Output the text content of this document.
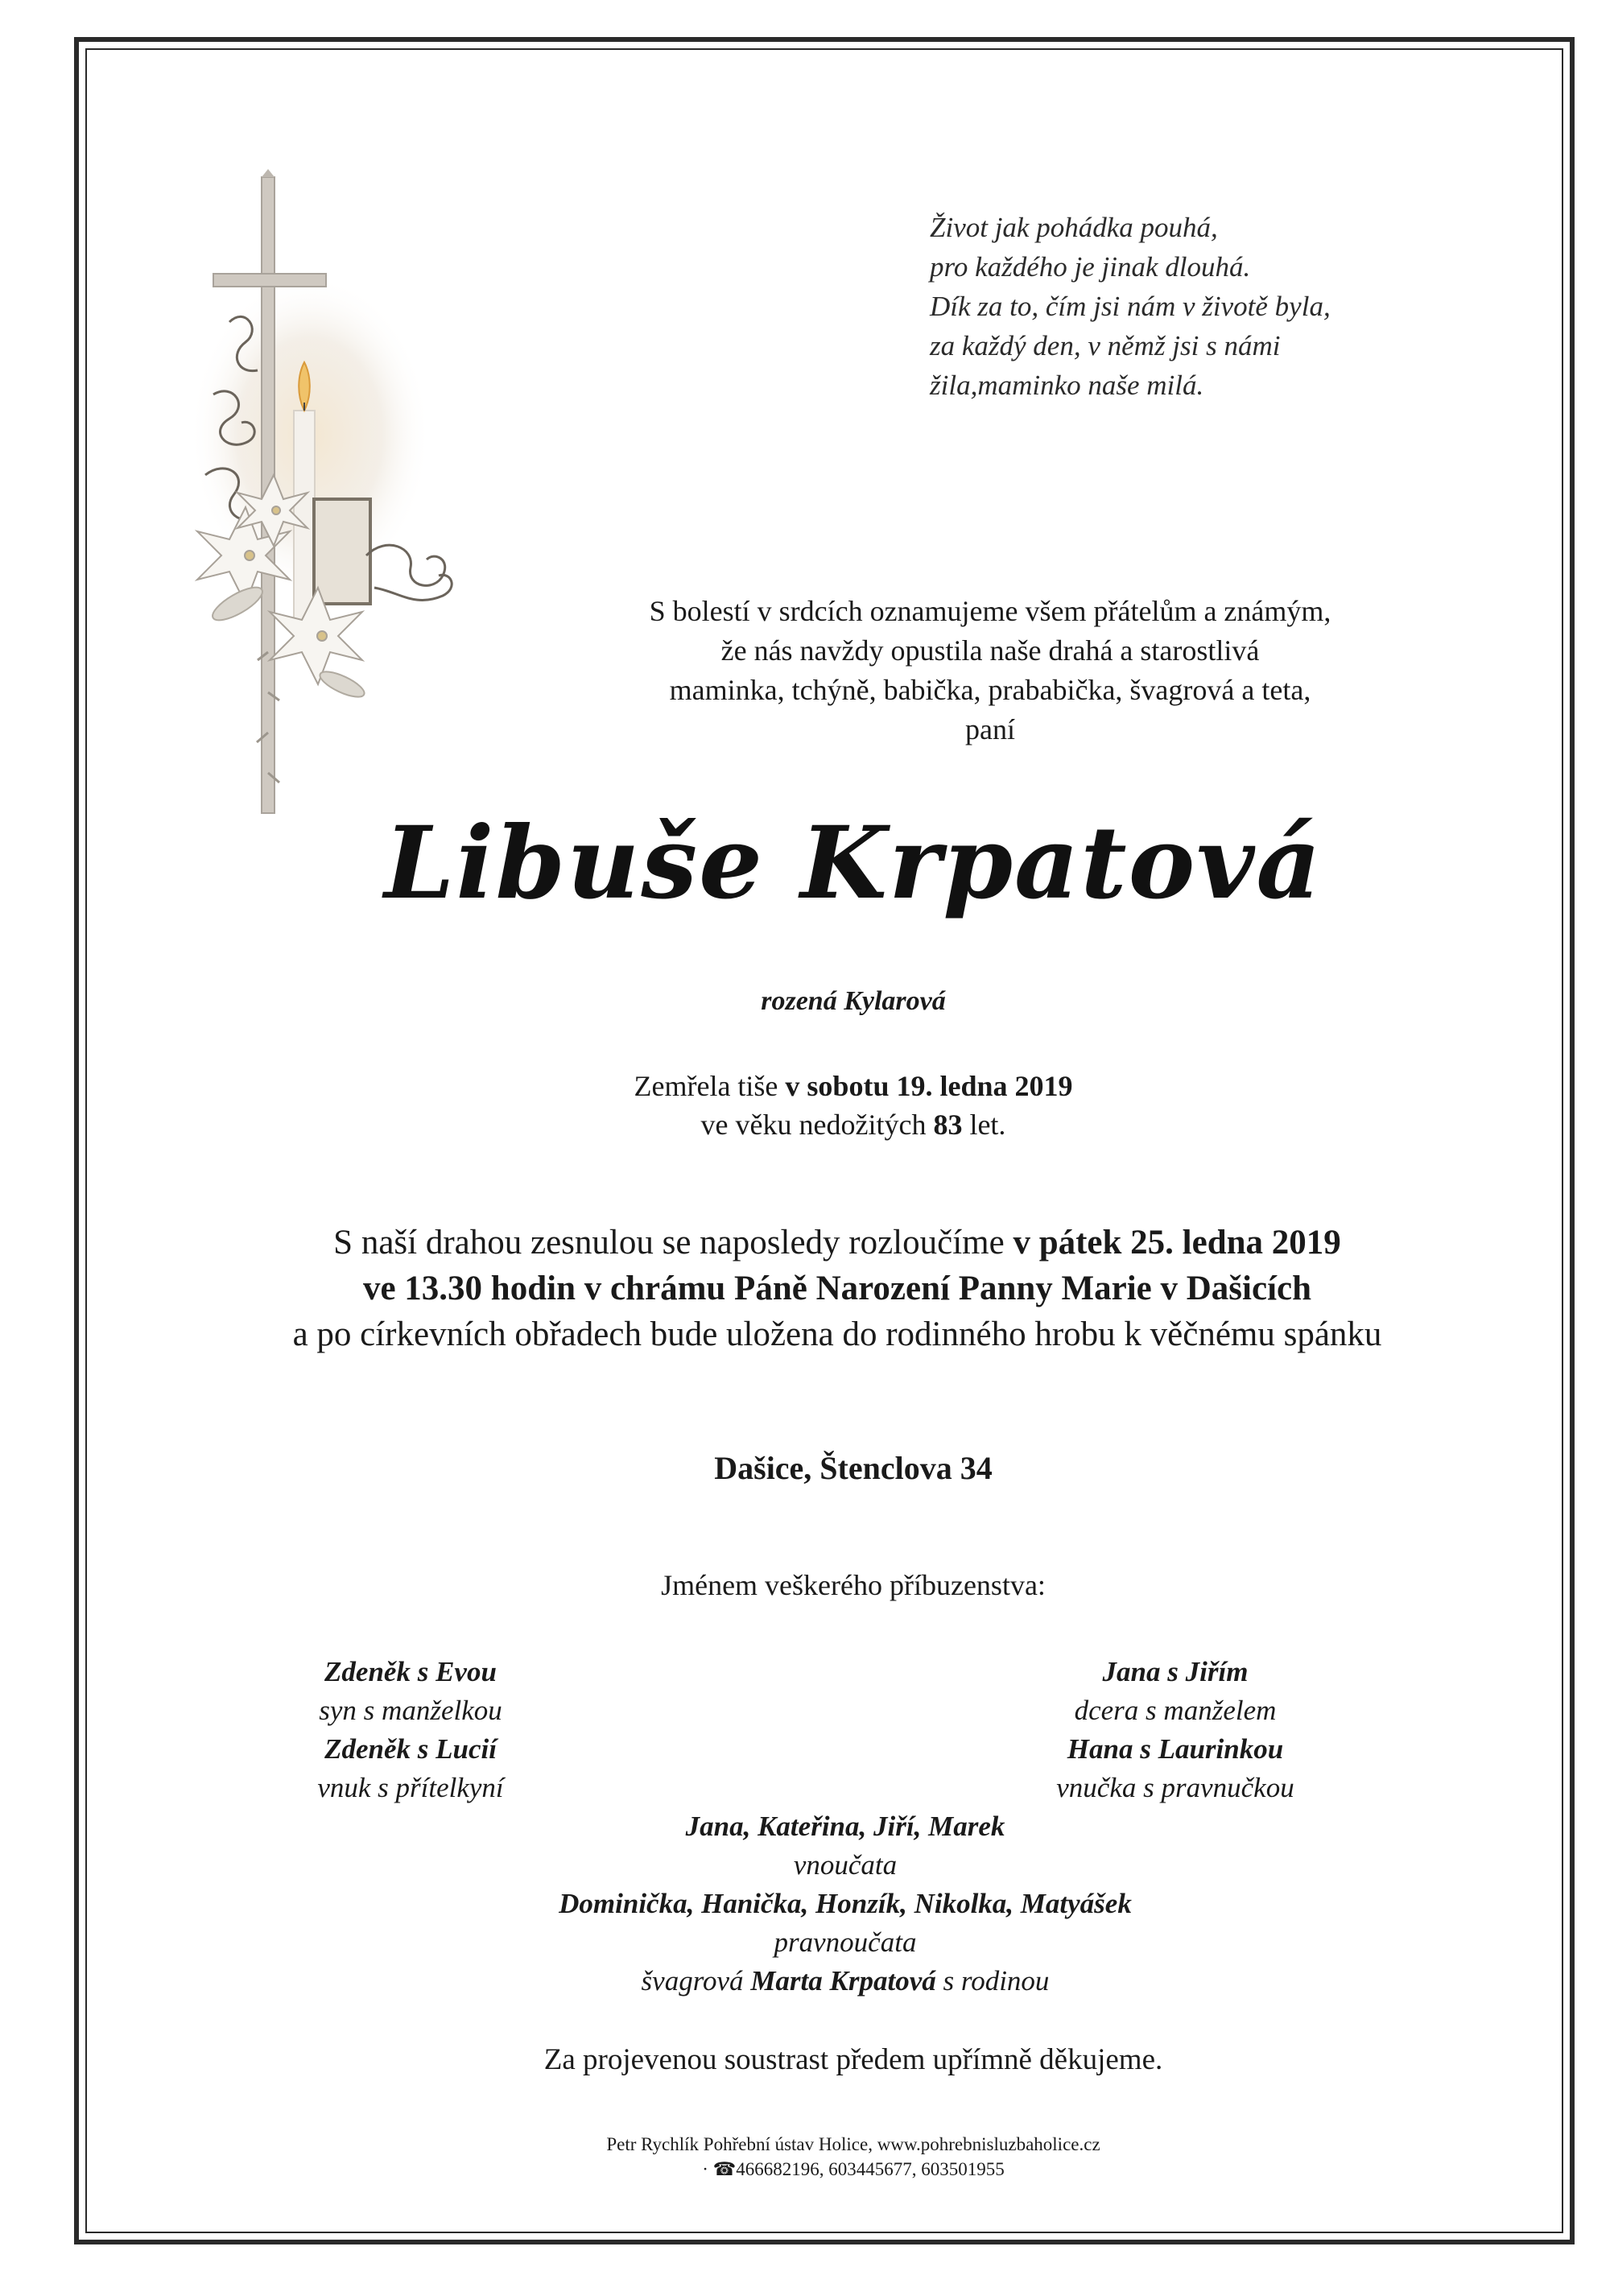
Život jak pohádka pouhá,
pro každého je jinak dlouhá.
Dík za to, čím jsi nám v životě byla,
za každý den, v němž jsi s námi
žila,maminko naše milá.
S bolestí v srdcích oznamujeme všem přátelům a známým,
že nás navždy opustila naše drahá a starostlivá
maminka, tchýně, babička, prababička, švagrová a teta,
paní
Libuše Krpatová
rozená Kylarová
Zemřela tiše v sobotu 19. ledna 2019
ve věku nedožitých 83 let.
S naší drahou zesnulou se naposledy rozloučíme v pátek 25. ledna 2019
ve 13.30 hodin v chrámu Páně Narození Panny Marie v Dašicích
a po církevních obřadech bude uložena do rodinného hrobu k věčnému spánku
Dašice, Štenclova 34
Jménem veškerého příbuzenstva:
Zdeněk s Evou
syn s manželkou
Zdeněk s Lucií
vnuk s přítelkyní
Jana s Jiřím
dcera s manželem
Hana s Laurinkou
vnučka s pravnučkou
Jana, Kateřina, Jiří, Marek
vnoučata
Dominička, Hanička, Honzík, Nikolka, Matyášek
pravnoučata
švagrová Marta Krpatová s rodinou
Za projevenou soustrast předem upřímně děkujeme.
Petr Rychlík Pohřební ústav Holice, www.pohrebnisluzbaholice.cz
· ☎466682196, 603445677, 603501955
